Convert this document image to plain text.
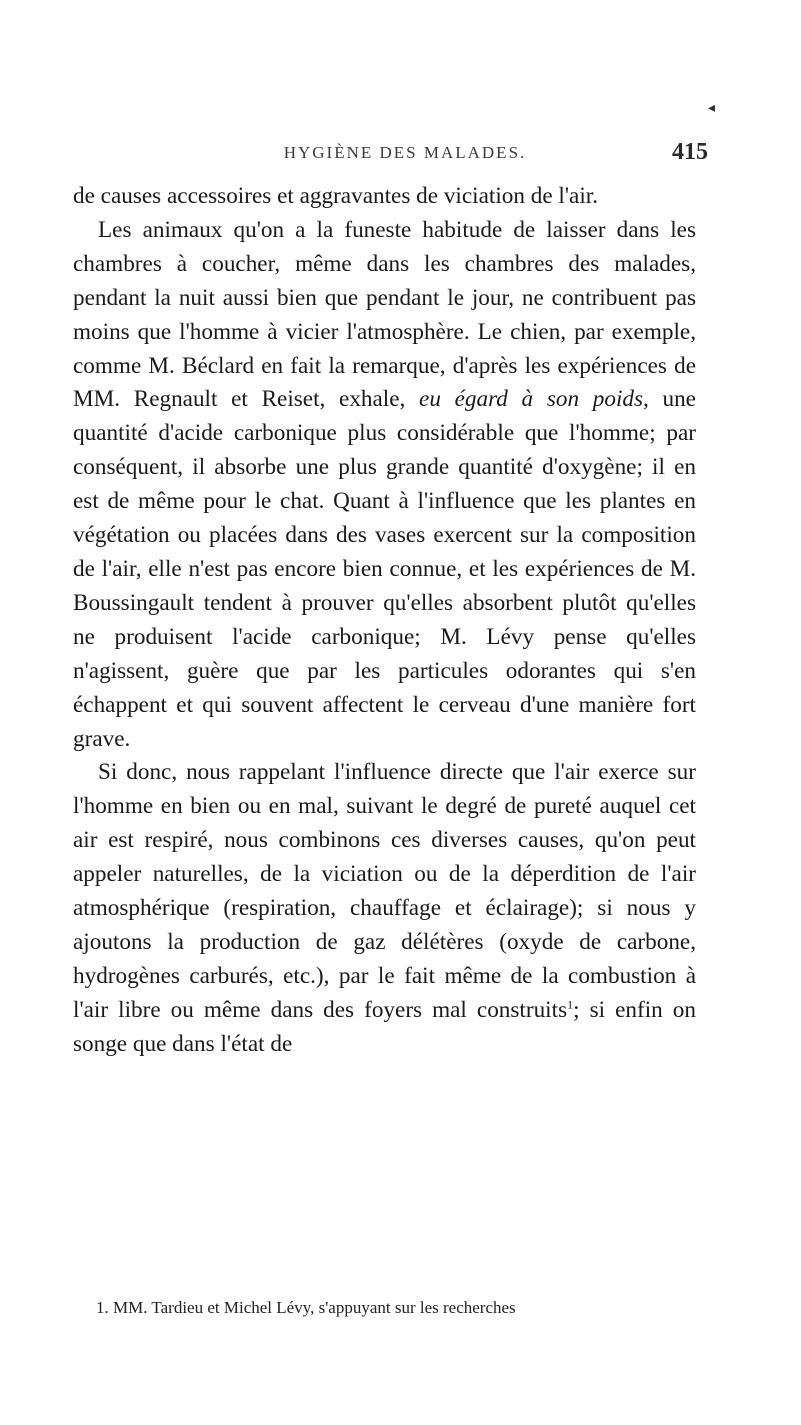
HYGIÈNE DES MALADES.	415
◂

de causes accessoires et aggravantes de viciation de l'air.

Les animaux qu'on a la funeste habitude de laisser dans les chambres à coucher, même dans les chambres des malades, pendant la nuit aussi bien que pendant le jour, ne contribuent pas moins que l'homme à vicier l'atmosphère. Le chien, par exemple, comme M. Béclard en fait la remarque, d'après les expériences de MM. Regnault et Reiset, exhale, eu égard à son poids, une quantité d'acide carbonique plus considérable que l'homme; par conséquent, il absorbe une plus grande quantité d'oxygène; il en est de même pour le chat. Quant à l'influence que les plantes en végétation ou placées dans des vases exercent sur la composition de l'air, elle n'est pas encore bien connue, et les expériences de M. Boussingault tendent à prouver qu'elles absorbent plutôt qu'elles ne produisent l'acide carbonique; M. Lévy pense qu'elles n'agissent, guère que par les particules odorantes qui s'en échappent et qui souvent affectent le cerveau d'une manière fort grave.

Si donc, nous rappelant l'influence directe que l'air exerce sur l'homme en bien ou en mal, suivant le degré de pureté auquel cet air est respiré, nous combinons ces diverses causes, qu'on peut appeler naturelles, de la viciation ou de la déperdition de l'air atmosphérique (respiration, chauffage et éclairage); si nous y ajoutons la production de gaz délétères (oxyde de carbone, hydrogènes carburés, etc.), par le fait même de la combustion à l'air libre ou même dans des foyers mal construits$^1$; si enfin on songe que dans l'état de

1. MM. Tardieu et Michel Lévy, s'appuyant sur les recherches
